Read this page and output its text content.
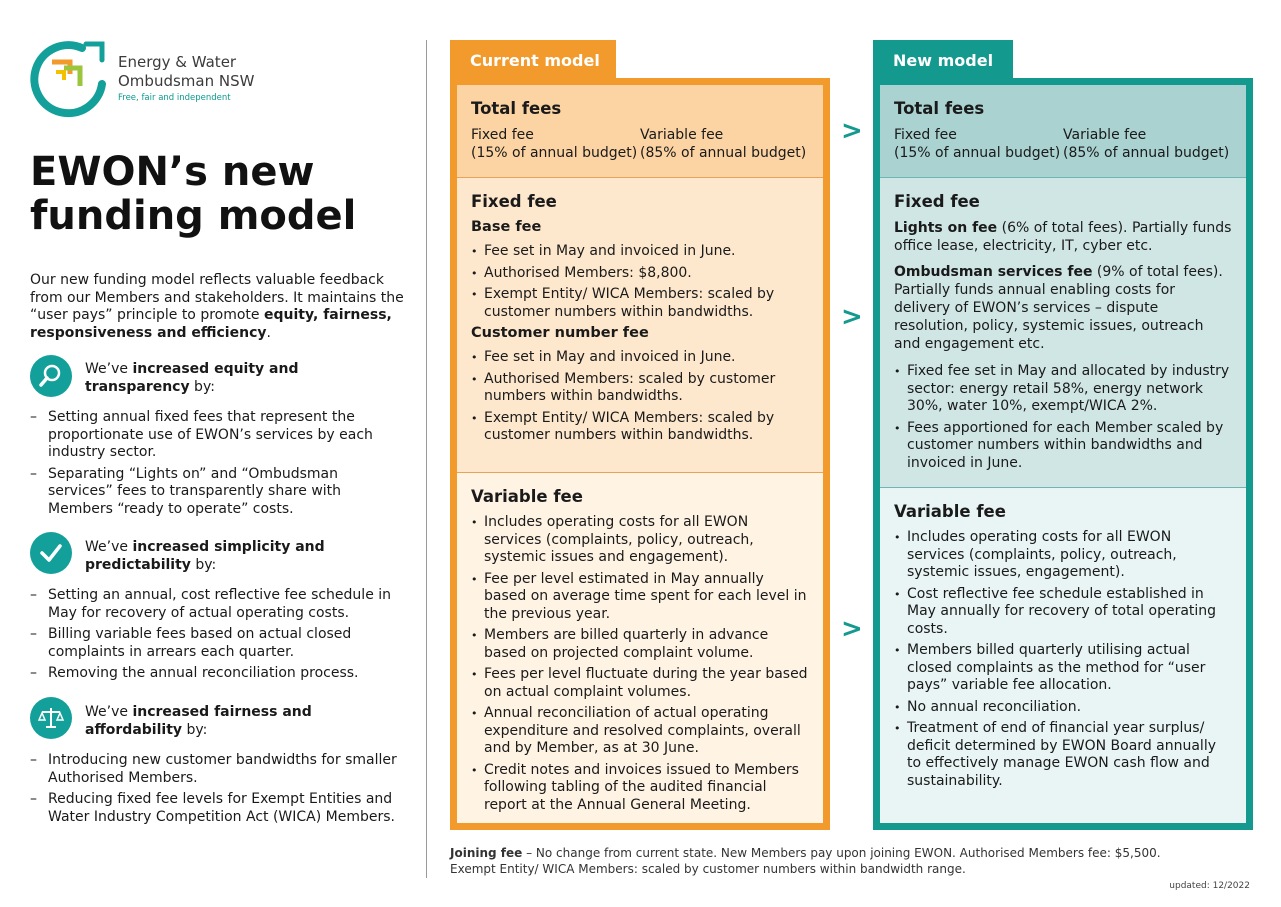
Energy & Water
Ombudsman NSW
Free, fair and independent
EWON’s new
funding model
Our new funding model reflects valuable feedback from our Members and stakeholders. It maintains the “user pays” principle to promote equity, fairness, responsiveness and efficiency.
We’ve increased equity and transparency by:
– Setting annual fixed fees that represent the proportionate use of EWON’s services by each industry sector.
– Separating “Lights on” and “Ombudsman services” fees to transparently share with Members “ready to operate” costs.
We’ve increased simplicity and predictability by:
– Setting an annual, cost reflective fee schedule in May for recovery of actual operating costs.
– Billing variable fees based on actual closed complaints in arrears each quarter.
– Removing the annual reconciliation process.
We’ve increased fairness and affordability by:
– Introducing new customer bandwidths for smaller Authorised Members.
– Reducing fixed fee levels for Exempt Entities and Water Industry Competition Act (WICA) Members.
Current model
Total fees
Fixed fee
(15% of annual budget)
Variable fee
(85% of annual budget)
Fixed fee
Base fee
• Fee set in May and invoiced in June.
• Authorised Members: $8,800.
• Exempt Entity/ WICA Members: scaled by customer numbers within bandwidths.
Customer number fee
• Fee set in May and invoiced in June.
• Authorised Members: scaled by customer numbers within bandwidths.
• Exempt Entity/ WICA Members: scaled by customer numbers within bandwidths.
Variable fee
• Includes operating costs for all EWON services (complaints, policy, outreach, systemic issues and engagement).
• Fee per level estimated in May annually based on average time spent for each level in the previous year.
• Members are billed quarterly in advance based on projected complaint volume.
• Fees per level fluctuate during the year based on actual complaint volumes.
• Annual reconciliation of actual operating expenditure and resolved complaints, overall and by Member, as at 30 June.
• Credit notes and invoices issued to Members following tabling of the audited financial report at the Annual General Meeting.
>
>
>
New model
Total fees
Fixed fee
(15% of annual budget)
Variable fee
(85% of annual budget)
Fixed fee
Lights on fee (6% of total fees). Partially funds office lease, electricity, IT, cyber etc.
Ombudsman services fee (9% of total fees). Partially funds annual enabling costs for delivery of EWON’s services – dispute resolution, policy, systemic issues, outreach and engagement etc.
• Fixed fee set in May and allocated by industry sector: energy retail 58%, energy network 30%, water 10%, exempt/WICA 2%.
• Fees apportioned for each Member scaled by customer numbers within bandwidths and invoiced in June.
Variable fee
• Includes operating costs for all EWON services (complaints, policy, outreach, systemic issues, engagement).
• Cost reflective fee schedule established in May annually for recovery of total operating costs.
• Members billed quarterly utilising actual closed complaints as the method for “user pays” variable fee allocation.
• No annual reconciliation.
• Treatment of end of financial year surplus/ deficit determined by EWON Board annually to effectively manage EWON cash flow and sustainability.
Joining fee – No change from current state. New Members pay upon joining EWON. Authorised Members fee: $5,500.
Exempt Entity/ WICA Members: scaled by customer numbers within bandwidth range.
updated: 12/2022
